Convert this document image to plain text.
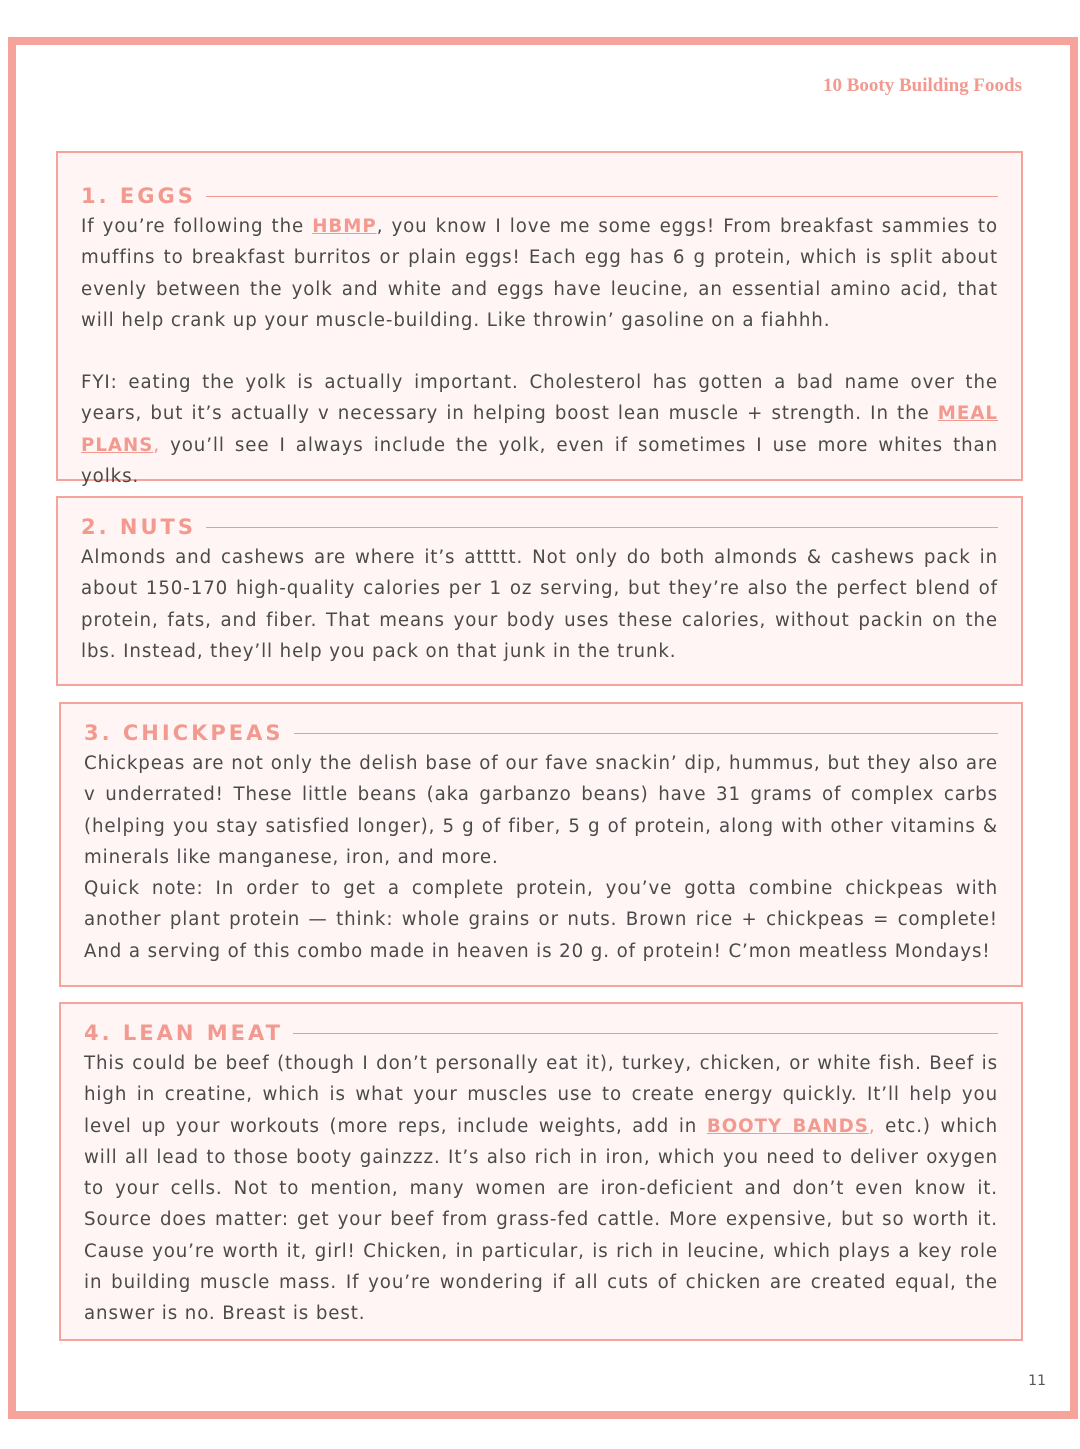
10 Booty Building Foods
1. EGGS

If you’re following the HBMP, you know I love me some eggs! From breakfast sammies to muffins to breakfast burritos or plain eggs! Each egg has 6 g protein, which is split about evenly between the yolk and white and eggs have leucine, an essential amino acid, that will help crank up your muscle-building. Like throwin’ gasoline on a fiahhh.

FYI: eating the yolk is actually important. Cholesterol has gotten a bad name over the years, but it’s actually v necessary in helping boost lean muscle + strength. In the MEAL PLANS, you’ll see I always include the yolk, even if sometimes I use more whites than yolks.

2. NUTS

Almonds and cashews are where it’s attttt. Not only do both almonds & cashews pack in about 150-170 high-quality calories per 1 oz serving, but they’re also the perfect blend of protein, fats, and fiber. That means your body uses these calories, without packin on the lbs. Instead, they’ll help you pack on that junk in the trunk.

3. CHICKPEAS

Chickpeas are not only the delish base of our fave snackin’ dip, hummus, but they also are v underrated! These little beans (aka garbanzo beans) have 31 grams of complex carbs (helping you stay satisfied longer), 5 g of fiber, 5 g of protein, along with other vitamins & minerals like manganese, iron, and more.

Quick note: In order to get a complete protein, you’ve gotta combine chickpeas with another plant protein — think: whole grains or nuts. Brown rice + chickpeas = complete! And a serving of this combo made in heaven is 20 g. of protein! C’mon meatless Mondays!

4. LEAN MEAT

This could be beef (though I don’t personally eat it), turkey, chicken, or white fish. Beef is high in creatine, which is what your muscles use to create energy quickly. It’ll help you level up your workouts (more reps, include weights, add in BOOTY BANDS, etc.) which will all lead to those booty gainzzz. It’s also rich in iron, which you need to deliver oxygen to your cells. Not to mention, many women are iron-deficient and don’t even know it. Source does matter: get your beef from grass-fed cattle. More expensive, but so worth it. Cause you’re worth it, girl! Chicken, in particular, is rich in leucine, which plays a key role in building muscle mass. If you’re wondering if all cuts of chicken are created equal, the answer is no. Breast is best.

11
